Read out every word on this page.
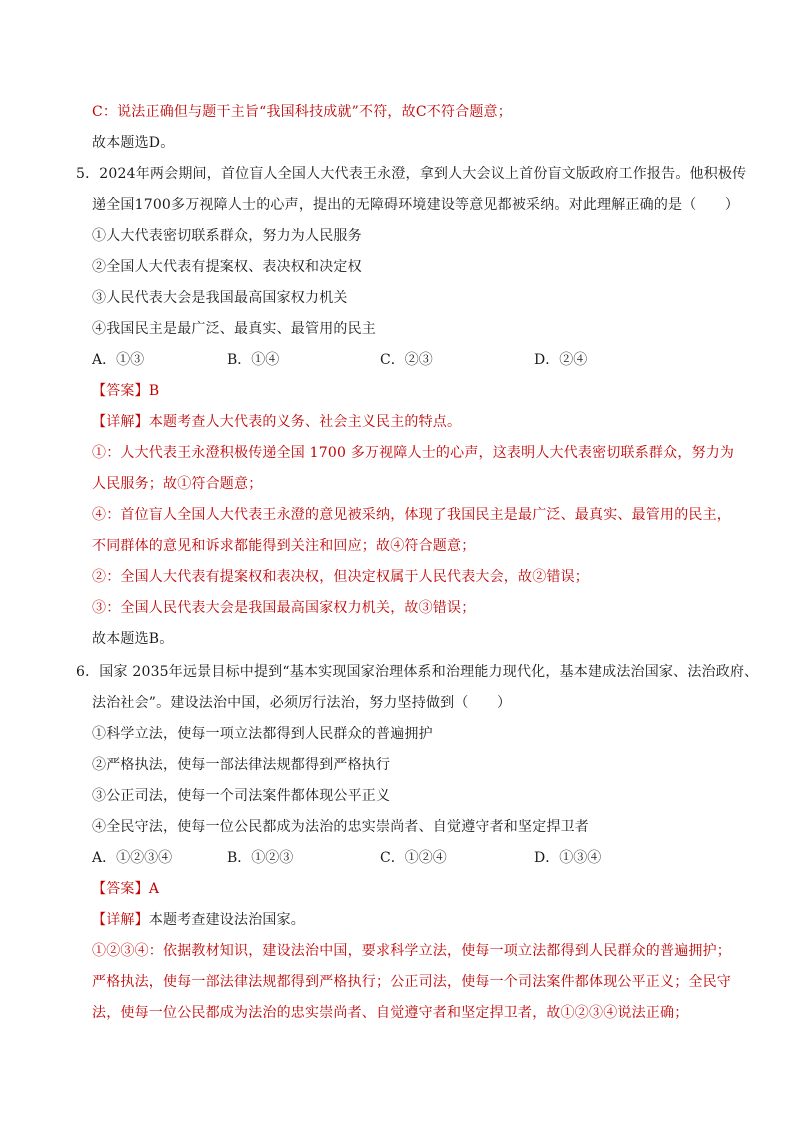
C：说法正确但与题干主旨“我国科技成就”不符，故C不符合题意；
故本题选D。
5．2024年两会期间，首位盲人全国人大代表王永澄，拿到人大会议上首份盲文版政府工作报告。他积极传
递全国1700多万视障人士的心声，提出的无障碍环境建设等意见都被采纳。对此理解正确的是（　　）
①人大代表密切联系群众，努力为人民服务
②全国人大代表有提案权、表决权和决定权
③人民代表大会是我国最高国家权力机关
④我国民主是最广泛、最真实、最管用的民主
A．①③	B．①④	C．②③	D．②④
【答案】B
【详解】本题考查人大代表的义务、社会主义民主的特点。
①：人大代表王永澄积极传递全国 1700 多万视障人士的心声，这表明人大代表密切联系群众，努力为
人民服务；故①符合题意；
④：首位盲人全国人大代表王永澄的意见被采纳，体现了我国民主是最广泛、最真实、最管用的民主，
不同群体的意见和诉求都能得到关注和回应；故④符合题意；
②：全国人大代表有提案权和表决权，但决定权属于人民代表大会，故②错误；
③：全国人民代表大会是我国最高国家权力机关，故③错误；
故本题选B。
6．国家 2035年远景目标中提到“基本实现国家治理体系和治理能力现代化，基本建成法治国家、法治政府、
法治社会”。建设法治中国，必须厉行法治，努力坚持做到（　　）
①科学立法，使每一项立法都得到人民群众的普遍拥护
②严格执法，使每一部法律法规都得到严格执行
③公正司法，使每一个司法案件都体现公平正义
④全民守法，使每一位公民都成为法治的忠实崇尚者、自觉遵守者和坚定捍卫者
A．①②③④	B．①②③	C．①②④	D．①③④
【答案】A
【详解】本题考查建设法治国家。
①②③④：依据教材知识，建设法治中国，要求科学立法，使每一项立法都得到人民群众的普遍拥护；
严格执法，使每一部法律法规都得到严格执行；公正司法，使每一个司法案件都体现公平正义；全民守
法，使每一位公民都成为法治的忠实崇尚者、自觉遵守者和坚定捍卫者，故①②③④说法正确；
